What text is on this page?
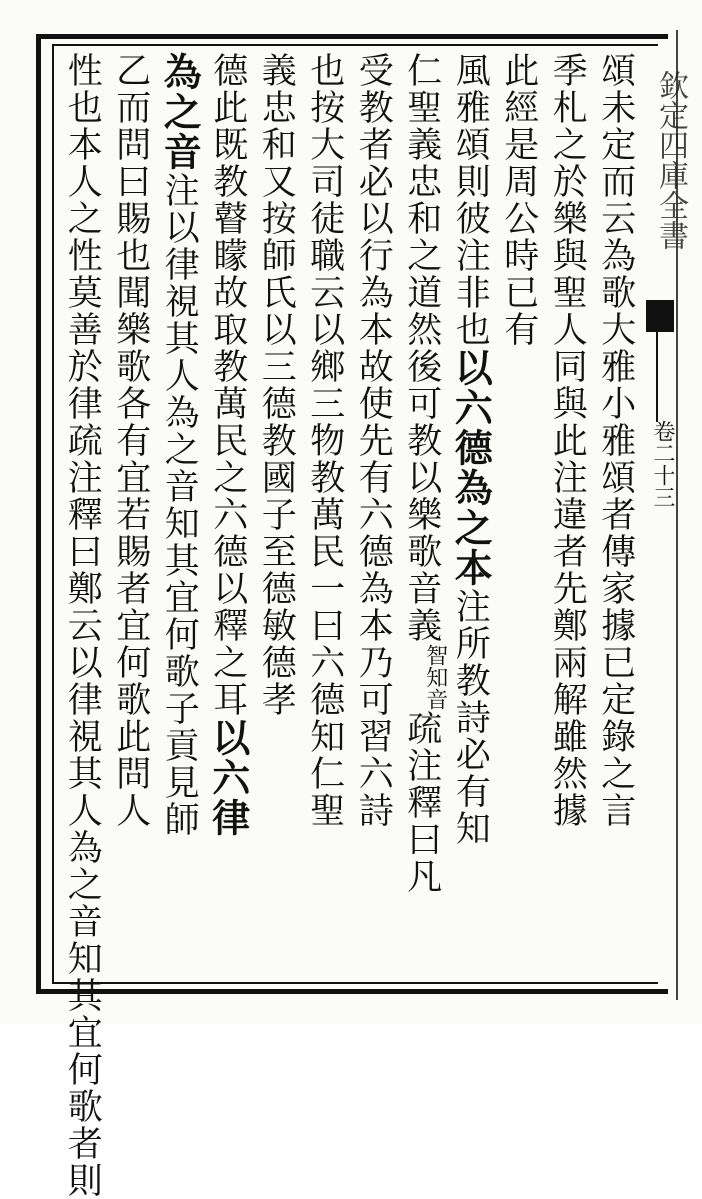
欽定四庫全書
卷二十三
頌未定而云為歌大雅小雅頌者傳家據已定錄之言
季札之於樂與聖人同與此注違者先鄭兩解雖然據
此經是周公時已有
風雅頌則彼注非也以六德為之本注所教詩必有知
仁聖義忠和之道然後可教以樂歌音義
知音
智
疏注釋曰凡
受教者必以行為本故使先有六德為本乃可習六詩
也按大司徒職云以鄉三物教萬民一曰六德知仁聖
義忠和又按師氏以三德教國子至德敏德孝
德此既教瞽矇故取教萬民之六德以釋之耳以六律
為之音注以律視其人為之音知其宜何歌子貢見師
乙而問曰賜也聞樂歌各有宜若賜者宜何歌此問人
性也本人之性莫善於律疏注釋曰鄭云以律視其人為之音知其宜何歌者則
